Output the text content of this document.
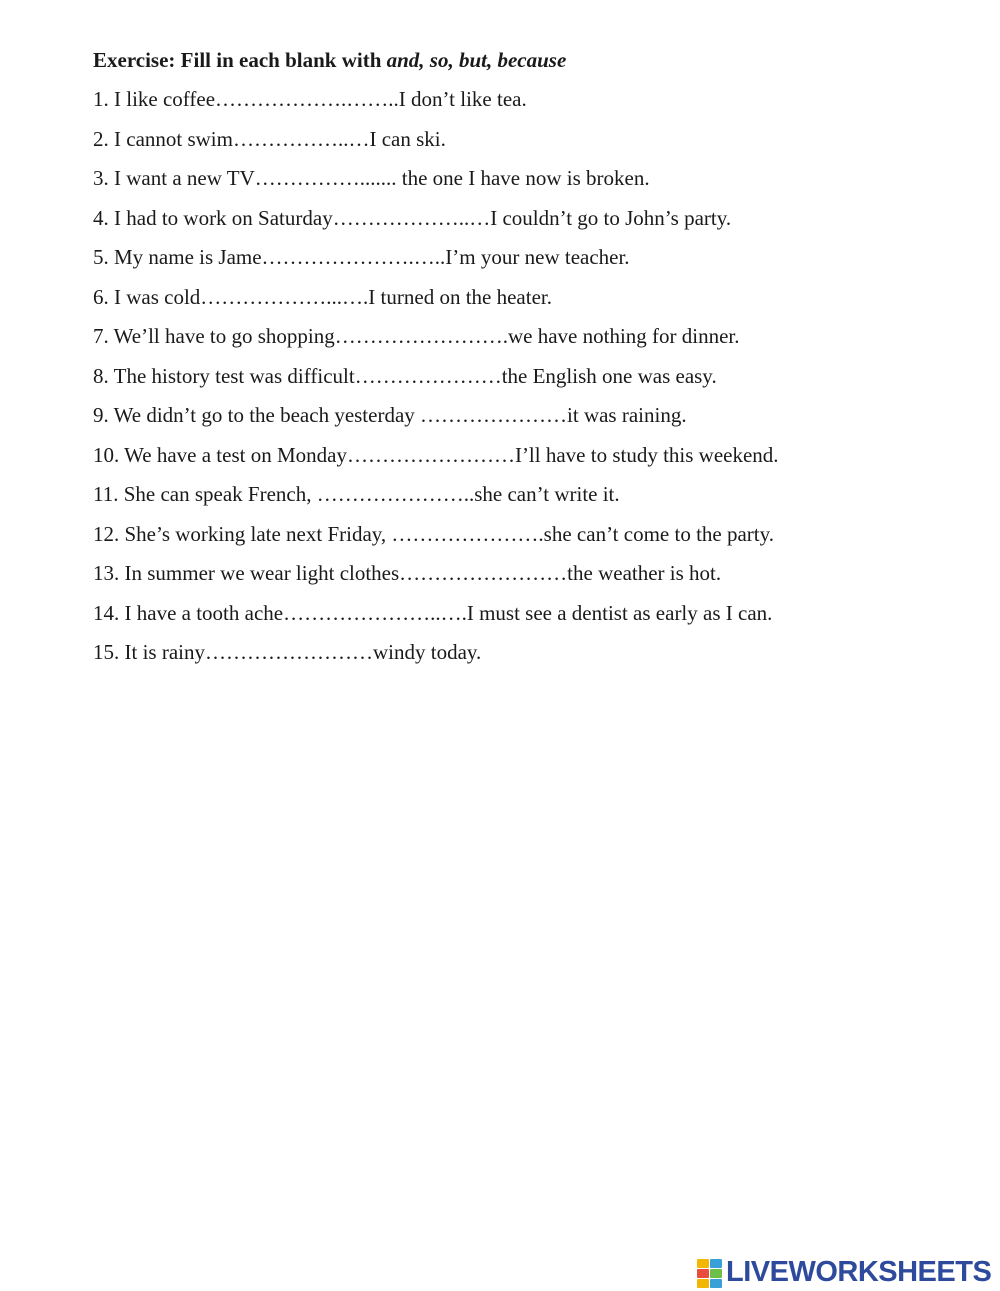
Exercise: Fill in each blank with and, so, but, because
1. I like coffee……………….……..I don’t like tea.
2. I cannot swim……………..…I can ski.
3. I want a new TV……………....... the one I have now is broken.
4. I had to work on Saturday………………..…I couldn’t go to John’s party.
5. My name is Jame………………….…..I’m your new teacher.
6. I was cold………………...….I turned on the heater.
7. We’ll have to go shopping…………………….we have nothing for dinner.
8. The history test was difficult…………………the English one was easy.
9. We didn’t go to the beach yesterday …………………it was raining.
10. We have a test on Monday……………………I’ll have to study this weekend.
11. She can speak French, …………………..she can’t write it.
12. She’s working late next Friday, ………………….she can’t come to the party.
13. In summer we wear light clothes……………………the weather is hot.
14. I have a tooth ache…………………..….I must see a dentist as early as I can.
15. It is rainy……………………windy today.
LIVEWORKSHEETS
